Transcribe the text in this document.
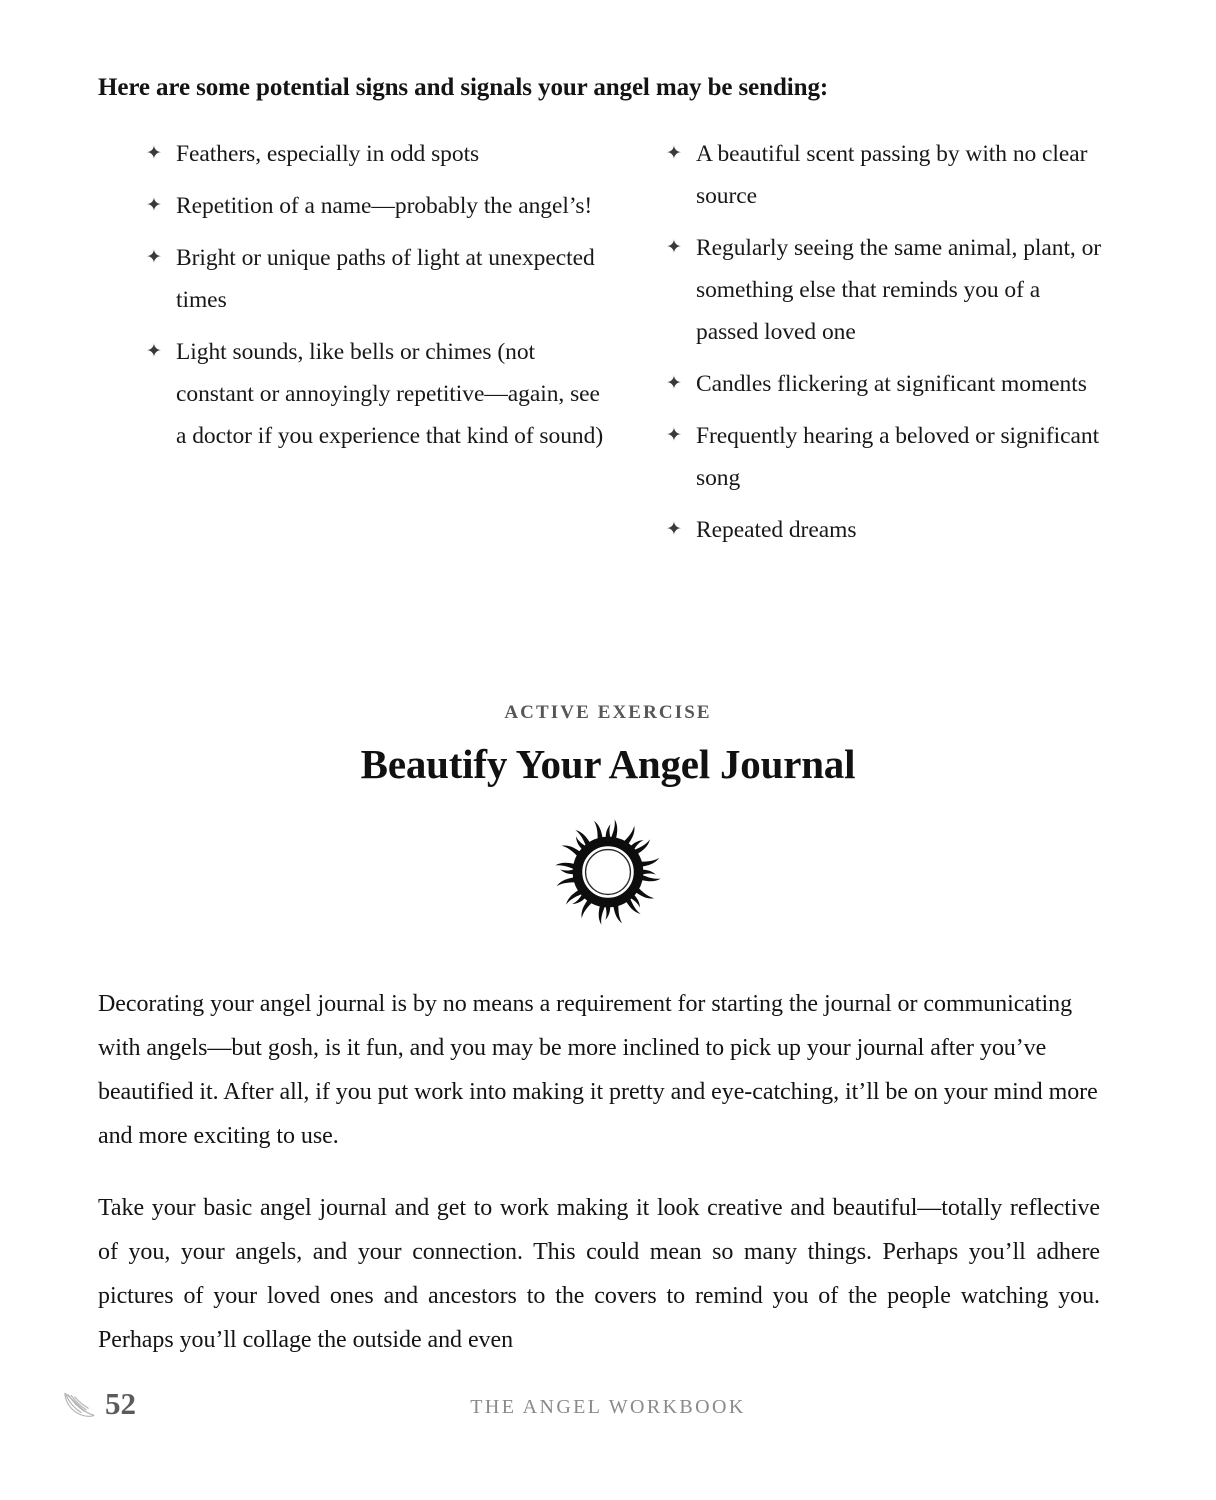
Here are some potential signs and signals your angel may be sending:
✦ Feathers, especially in odd spots
✦ Repetition of a name—probably the angel’s!
✦ Bright or unique paths of light at unexpected times
✦ Light sounds, like bells or chimes (not constant or annoyingly repetitive—again, see a doctor if you experience that kind of sound)
✦ A beautiful scent passing by with no clear source
✦ Regularly seeing the same animal, plant, or something else that reminds you of a passed loved one
✦ Candles flickering at significant moments
✦ Frequently hearing a beloved or significant song
✦ Repeated dreams
ACTIVE EXERCISE
Beautify Your Angel Journal

Decorating your angel journal is by no means a requirement for starting the journal or communicating with angels—but gosh, is it fun, and you may be more inclined to pick up your journal after you’ve beautified it. After all, if you put work into making it pretty and eye-catching, it’ll be on your mind more and more exciting to use.

Take your basic angel journal and get to work making it look creative and beautiful—totally reflective of you, your angels, and your connection. This could mean so many things. Perhaps you’ll adhere pictures of your loved ones and ancestors to the covers to remind you of the people watching you. Perhaps you’ll collage the outside and even

52	THE ANGEL WORKBOOK
